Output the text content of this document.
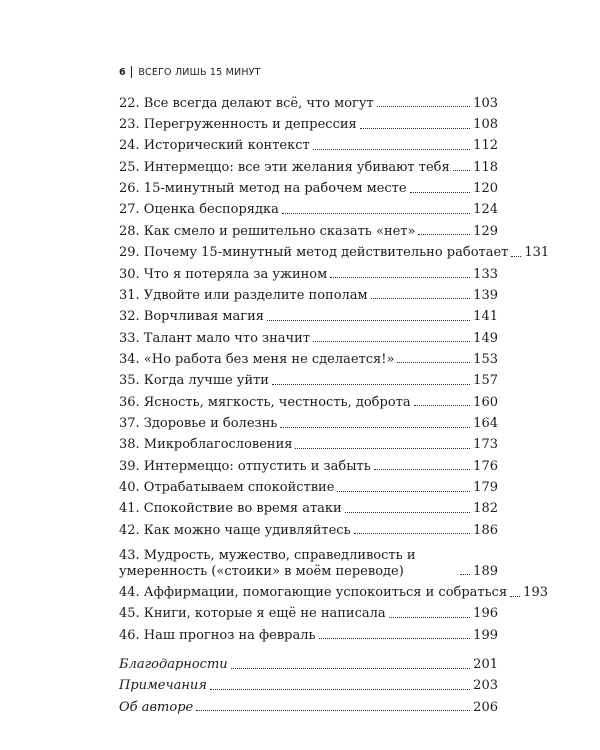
6 ВСЕГО ЛИШЬ 15 МИНУТ
22. Все всегда делают всё, что могут	103
23. Перегруженность и депрессия	108
24. Исторический контекст	112
25. Интермеццо: все эти желания убивают тебя 118
26. 15-минутный метод на рабочем месте	120
27. Оценка беспорядка	124
28. Как смело и решительно сказать «нет»	129
29. Почему 15-минутный метод действительно работает 131
30. Что я потеряла за ужином	133
31. Удвойте или разделите пополам	139
32. Ворчливая магия	141
33. Талант мало что значит	149
34. «Но работа без меня не сделается!»	153
35. Когда лучше уйти	157
36. Ясность, мягкость, честность, доброта	160
37. Здоровье и болезнь	164
38. Микроблагословения	173
39. Интермеццо: отпустить и забыть	176
40. Отрабатываем спокойствие	179
41. Спокойствие во время атаки	182
42. Как можно чаще удивляйтесь	186
43. Мудрость, мужество, справедливость и умеренность («стоики» в моём переводе)	189
44. Аффирмации, помогающие успокоиться и собраться 193
45. Книги, которые я ещё не написала	196
46. Наш прогноз на февраль	199
Благодарности	201
Примечания	203
Об авторе	206
